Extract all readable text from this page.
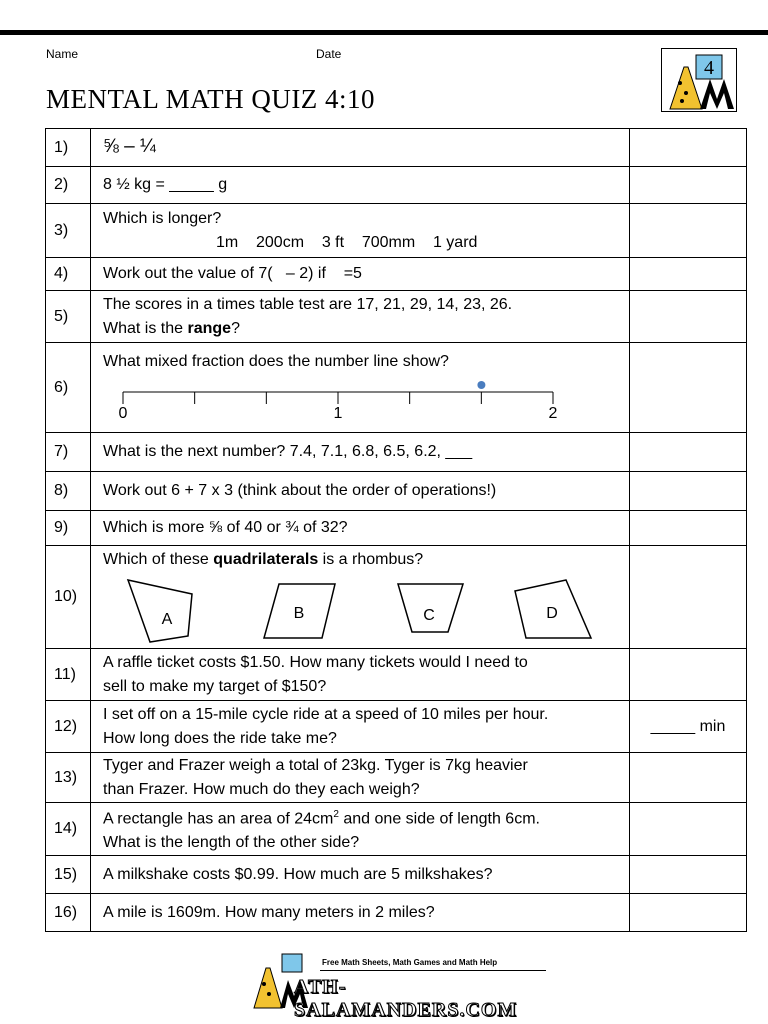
Name	Date
MENTAL MATH QUIZ 4:10
4
1)	⅝ – ¼	
2)	8 ½ kg = _____ g	
3)	Which is longer?
1m    200cm    3 ft    700mm    1 yard	

4)	Work out the value of 7(   – 2) if    =5	
5)	The scores in a times table test are 17, 21, 29, 14, 23, 26.
What is the range?	

6)	What mixed fraction does the number line show?
0 1 2	

7)	What is the next number? 7.4, 7.1, 6.8, 6.5, 6.2, ___	
8)	Work out 6 + 7 x 3 (think about the order of operations!)	
9)	Which is more ⅝ of 40 or ¾ of 32?	
10)	Which of these quadrilaterals is a rhombus?
A B C D	

11)	A raffle ticket costs $1.50. How many tickets would I need to
sell to make my target of $150?	

12)	I set off on a 15-mile cycle ride at a speed of 10 miles per hour.
How long does the ride take me?	_____ min
13)	Tyger and Frazer weigh a total of 23kg. Tyger is 7kg heavier
than Frazer. How much do they each weigh?	

14)	A rectangle has an area of $24cm^2$ and one side of length 6cm.
What is the length of the other side?	

15)	A milkshake costs $0.99. How much are 5 milkshakes?	
16)	A mile is 1609m. How many meters in 2 miles?	
Free Math Sheets, Math Games and Math Help
ATH-SALAMANDERS.COM
